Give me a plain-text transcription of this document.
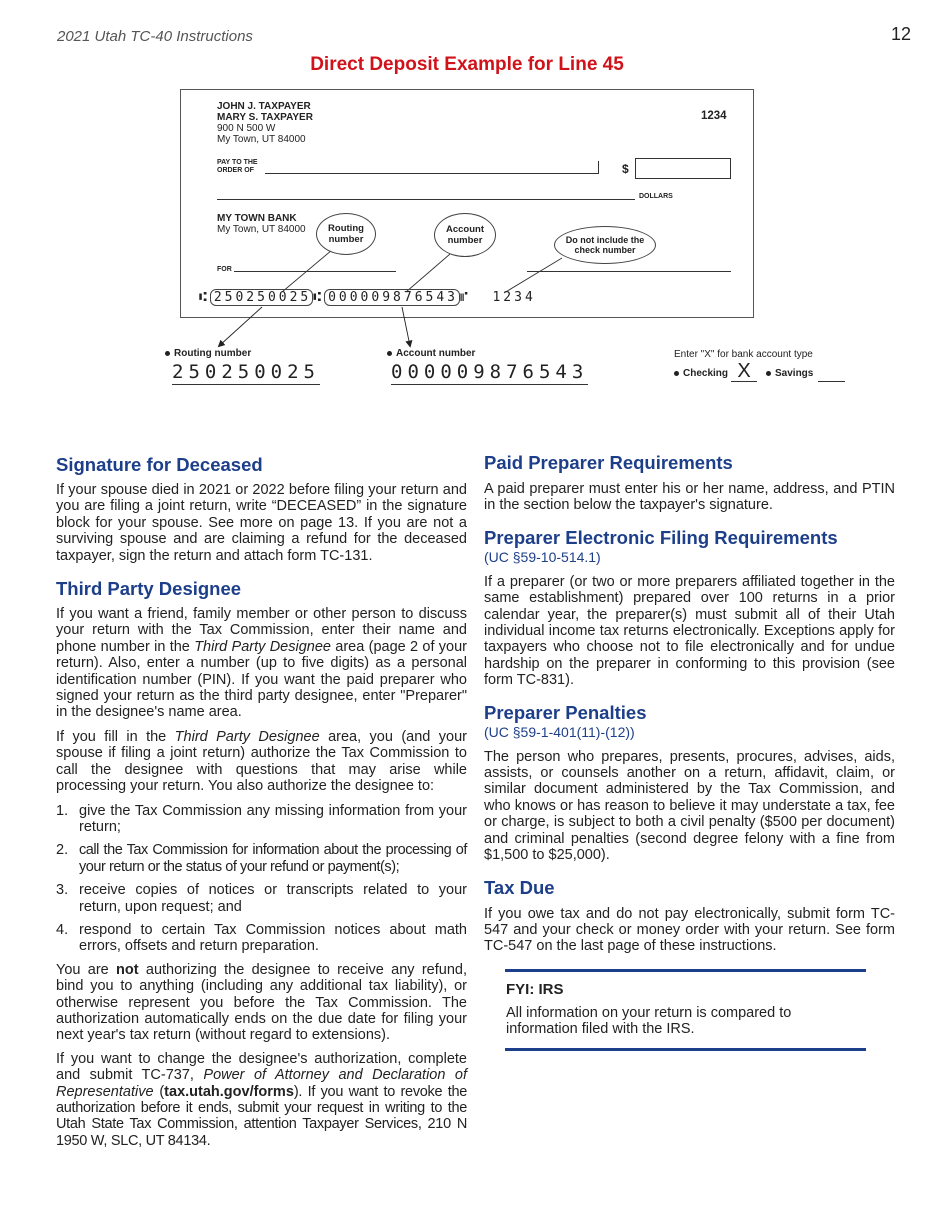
2021 Utah TC-40 Instructions	12
Direct Deposit Example for Line 45
JOHN J. TAXPAYER
MARY S. TAXPAYER
900 N 500 W
My Town, UT 84000
1234
PAY TO THE
ORDER OF	$
DOLLARS
MY TOWN BANK
My Town, UT 84000
FOR
Routing number
Account number	Do not include the check number
⑆ 250250025 ⑆ 000009876543 ⑈ 1234
Routing number
250250025
Account number
000009876543
Enter "X" for bank account type
Checking X	Savings
Signature for Deceased

If your spouse died in 2021 or 2022 before filing your return and you are filing a joint return, write “DECEASED” in the signature block for your spouse. See more on page 13. If you are not a surviving spouse and are claiming a refund for the deceased taxpayer, sign the return and attach form TC-131.

Third Party Designee

If you want a friend, family member or other person to discuss your return with the Tax Commission, enter their name and phone number in the Third Party Designee area (page 2 of your return). Also, enter a number (up to five digits) as a personal identification number (PIN). If you want the paid preparer who signed your return as the third party designee, enter "Preparer" in the designee's name area.

If you fill in the Third Party Designee area, you (and your spouse if filing a joint return) authorize the Tax Commission to call the designee with questions that may arise while processing your return. You also authorize the designee to:

1. give the Tax Commission any missing information from your return;
2. call the Tax Commission for information about the processing of your return or the status of your refund or payment(s);
3. receive copies of notices or transcripts related to your return, upon request; and
4. respond to certain Tax Commission notices about math errors, offsets and return preparation.

You are not authorizing the designee to receive any refund, bind you to anything (including any additional tax liability), or otherwise represent you before the Tax Commission. The authorization automatically ends on the due date for filing your next year's tax return (without regard to extensions).

If you want to change the designee's authorization, complete and submit TC-737, Power of Attorney and Declaration of Representative (tax.utah.gov/forms). If you want to revoke the authorization before it ends, submit your request in writing to the Utah State Tax Commission, attention Taxpayer Services, 210 N 1950 W, SLC, UT 84134.

Paid Preparer Requirements

A paid preparer must enter his or her name, address, and PTIN in the section below the taxpayer's signature.

Preparer Electronic Filing Requirements
(UC §59-10-514.1)

If a preparer (or two or more preparers affiliated together in the same establishment) prepared over 100 returns in a prior calendar year, the preparer(s) must submit all of their Utah individual income tax returns electronically. Exceptions apply for taxpayers who choose not to file electronically and for undue hardship on the preparer in conforming to this provision (see form TC-831).

Preparer Penalties
(UC §59-1-401(11)-(12))

The person who prepares, presents, procures, advises, aids, assists, or counsels another on a return, affidavit, claim, or similar document administered by the Tax Commission, and who knows or has reason to believe it may understate a tax, fee or charge, is subject to both a civil penalty ($500 per document) and criminal penalties (second degree felony with a fine from $1,500 to $25,000).

Tax Due

If you owe tax and do not pay electronically, submit form TC-547 and your check or money order with your return. See form TC-547 on the last page of these instructions.

FYI: IRS
All information on your return is compared to information filed with the IRS.
